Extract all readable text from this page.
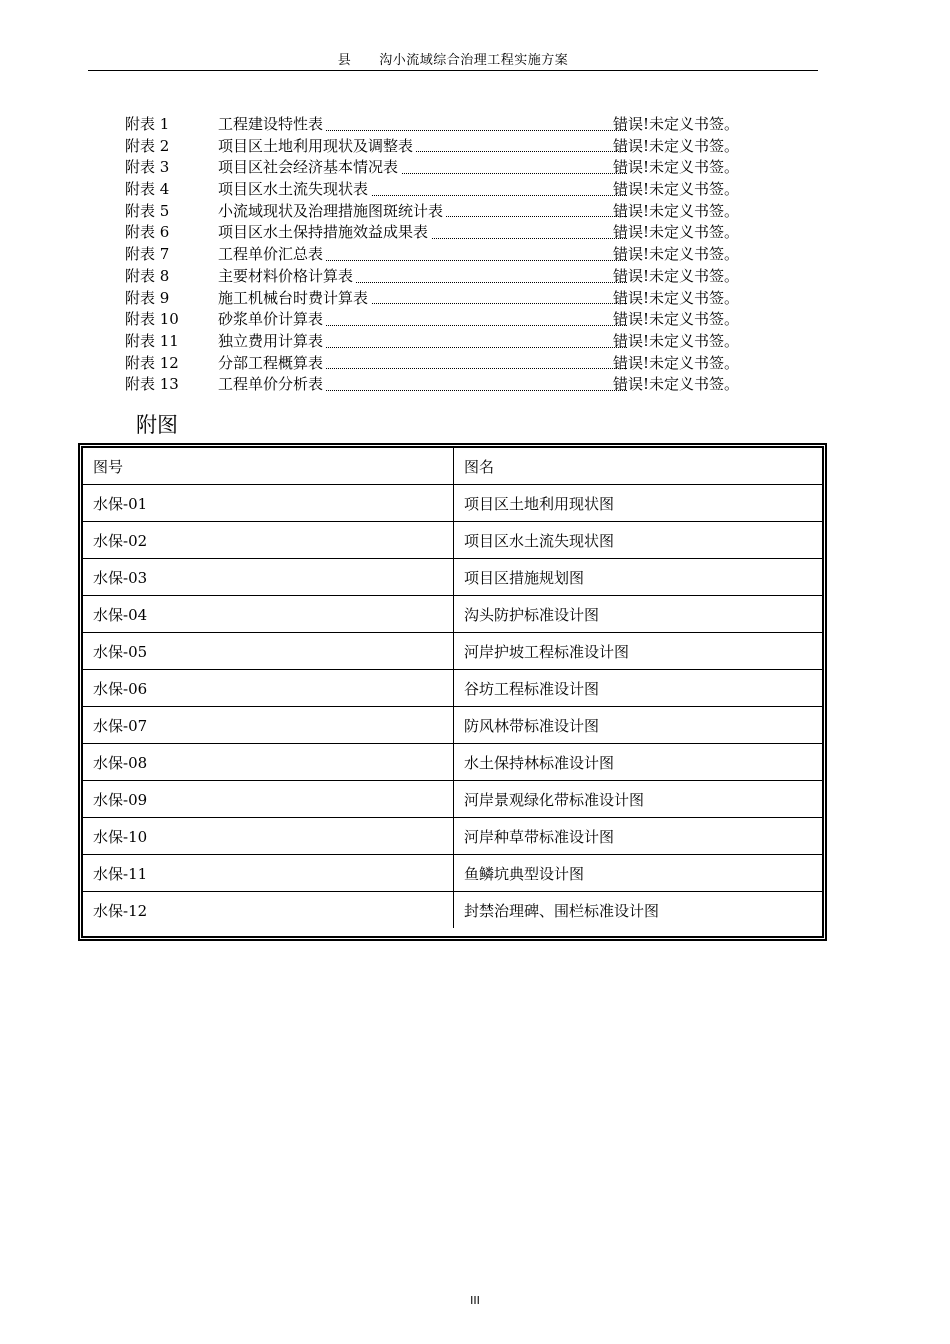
县 沟小流域综合治理工程实施方案
附表 1	工程建设特性表	错误!未定义书签。
附表 2	项目区土地利用现状及调整表	错误!未定义书签。
附表 3	项目区社会经济基本情况表	错误!未定义书签。
附表 4	项目区水土流失现状表	错误!未定义书签。
附表 5	小流域现状及治理措施图斑统计表	错误!未定义书签。
附表 6	项目区水土保持措施效益成果表	错误!未定义书签。
附表 7	工程单价汇总表	错误!未定义书签。
附表 8	主要材料价格计算表	错误!未定义书签。
附表 9	施工机械台时费计算表	错误!未定义书签。
附表 10	砂浆单价计算表	错误!未定义书签。
附表 11	独立费用计算表	错误!未定义书签。
附表 12	分部工程概算表	错误!未定义书签。
附表 13	工程单价分析表	错误!未定义书签。
附图
图号	图名
水保-01	项目区土地利用现状图
水保-02	项目区水土流失现状图
水保-03	项目区措施规划图
水保-04	沟头防护标准设计图
水保-05	河岸护坡工程标准设计图
水保-06	谷坊工程标准设计图
水保-07	防风林带标准设计图
水保-08	水土保持林标准设计图
水保-09	河岸景观绿化带标准设计图
水保-10	河岸种草带标准设计图
水保-11	鱼鳞坑典型设计图
水保-12	封禁治理碑、围栏标准设计图
III
